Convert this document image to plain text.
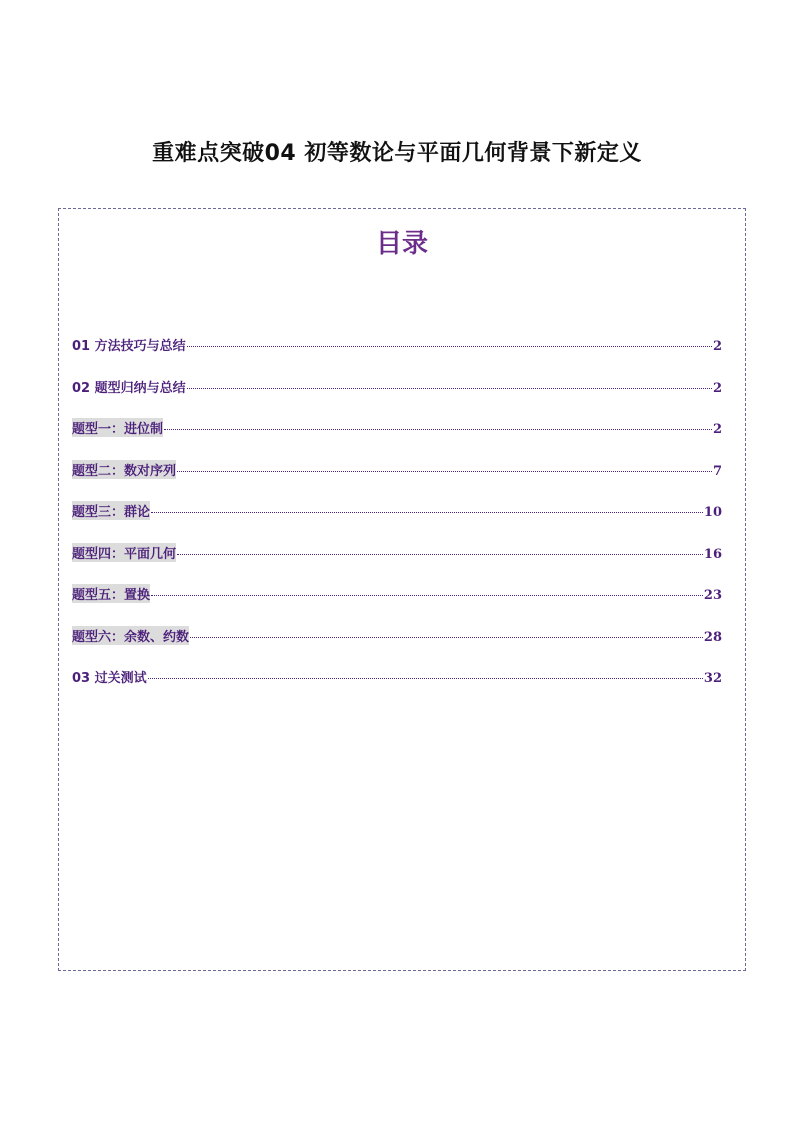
重难点突破04 初等数论与平面几何背景下新定义
目录
01 方法技巧与总结	2
02 题型归纳与总结	2
题型一：进位制	2
题型二：数对序列	7
题型三：群论	10
题型四：平面几何	16
题型五：置换	23
题型六：余数、约数	28
03 过关测试	32
